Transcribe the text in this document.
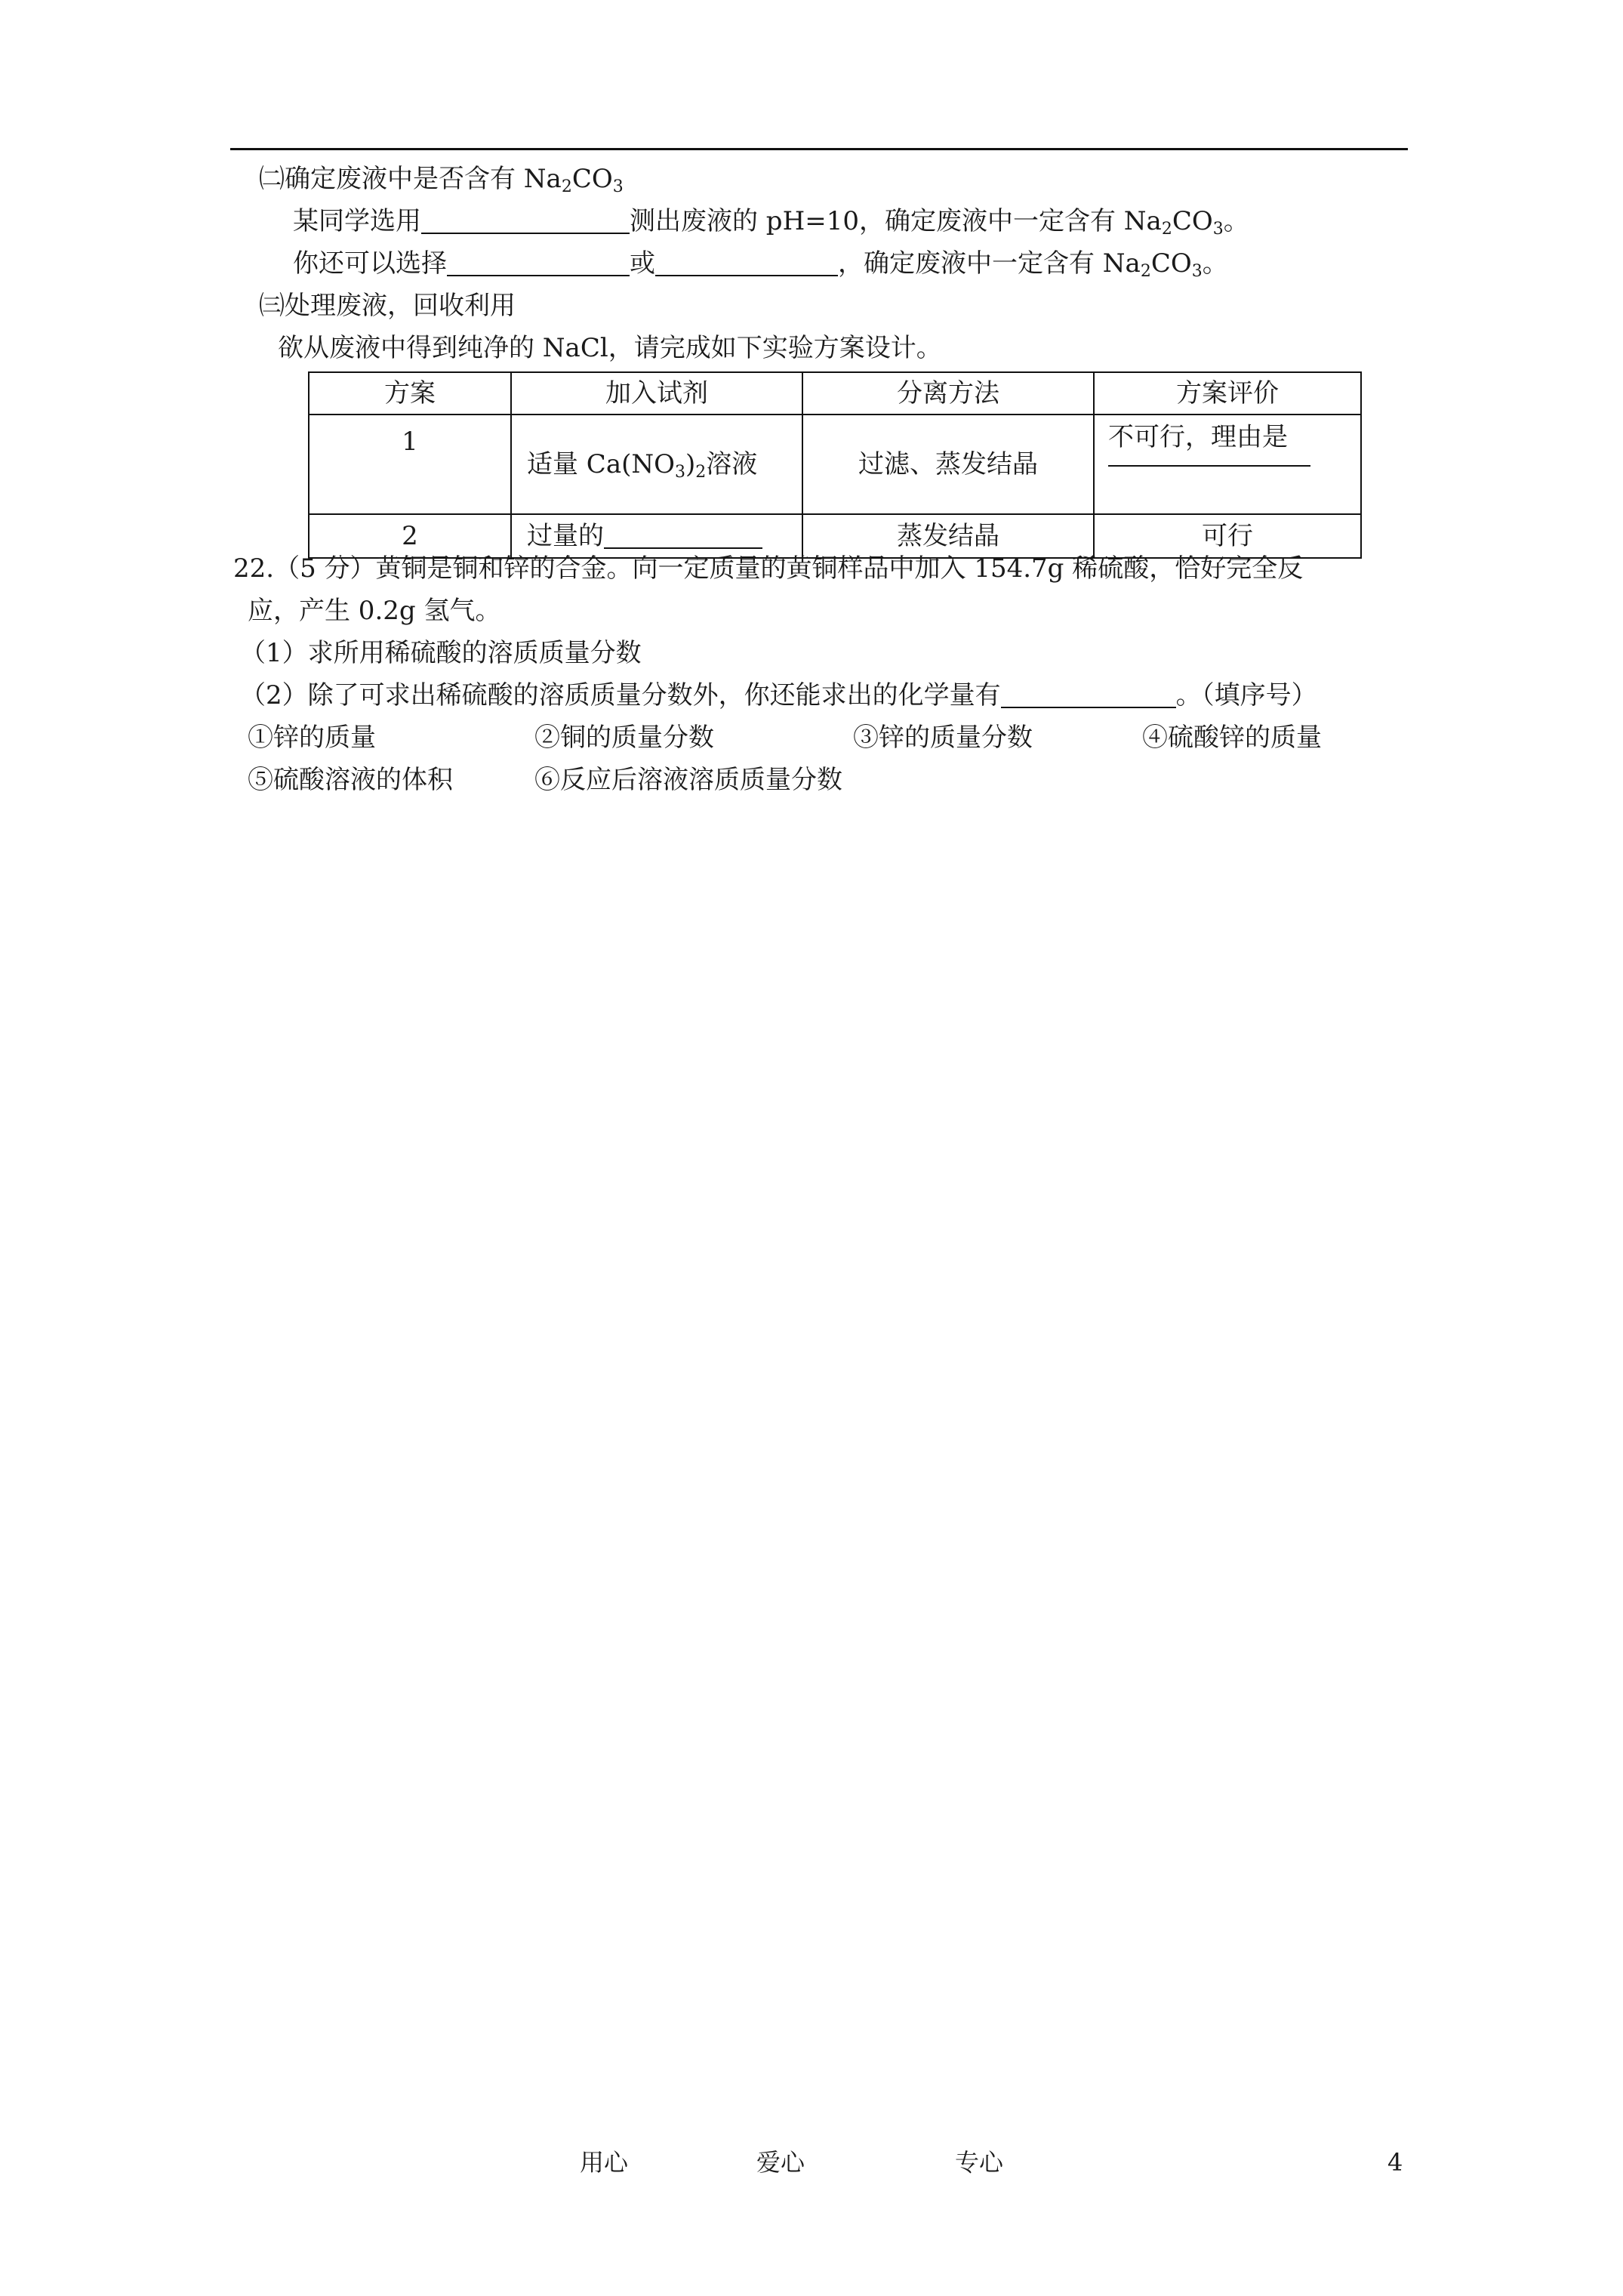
㈡确定废液中是否含有 $Na_2CO_3$
某同学选用	测出废液的 pH=10，确定废液中一定含有 $Na_2CO_3$。
你还可以选择	或	，确定废液中一定含有 $Na_2CO_3$。
㈢处理废液，回收利用
欲从废液中得到纯净的 NaCl，请完成如下实验方案设计。
方案	加入试剂	分离方法	方案评价
1	适量 $Ca(NO_3)_2$溶液	过滤、蒸发结晶	不可行，理由是

2	过量的	蒸发结晶	可行
22.（5 分）黄铜是铜和锌的合金。向一定质量的黄铜样品中加入 154.7g 稀硫酸，恰好完全反
应，产生 0.2g 氢气。
（1）求所用稀硫酸的溶质质量分数
（2）除了可求出稀硫酸的溶质质量分数外，你还能求出的化学量有	。（填序号）
①锌的质量	②铜的质量分数	③锌的质量分数	④硫酸锌的质量
⑤硫酸溶液的体积	⑥反应后溶液溶质质量分数
用心	爱心	专心	4
